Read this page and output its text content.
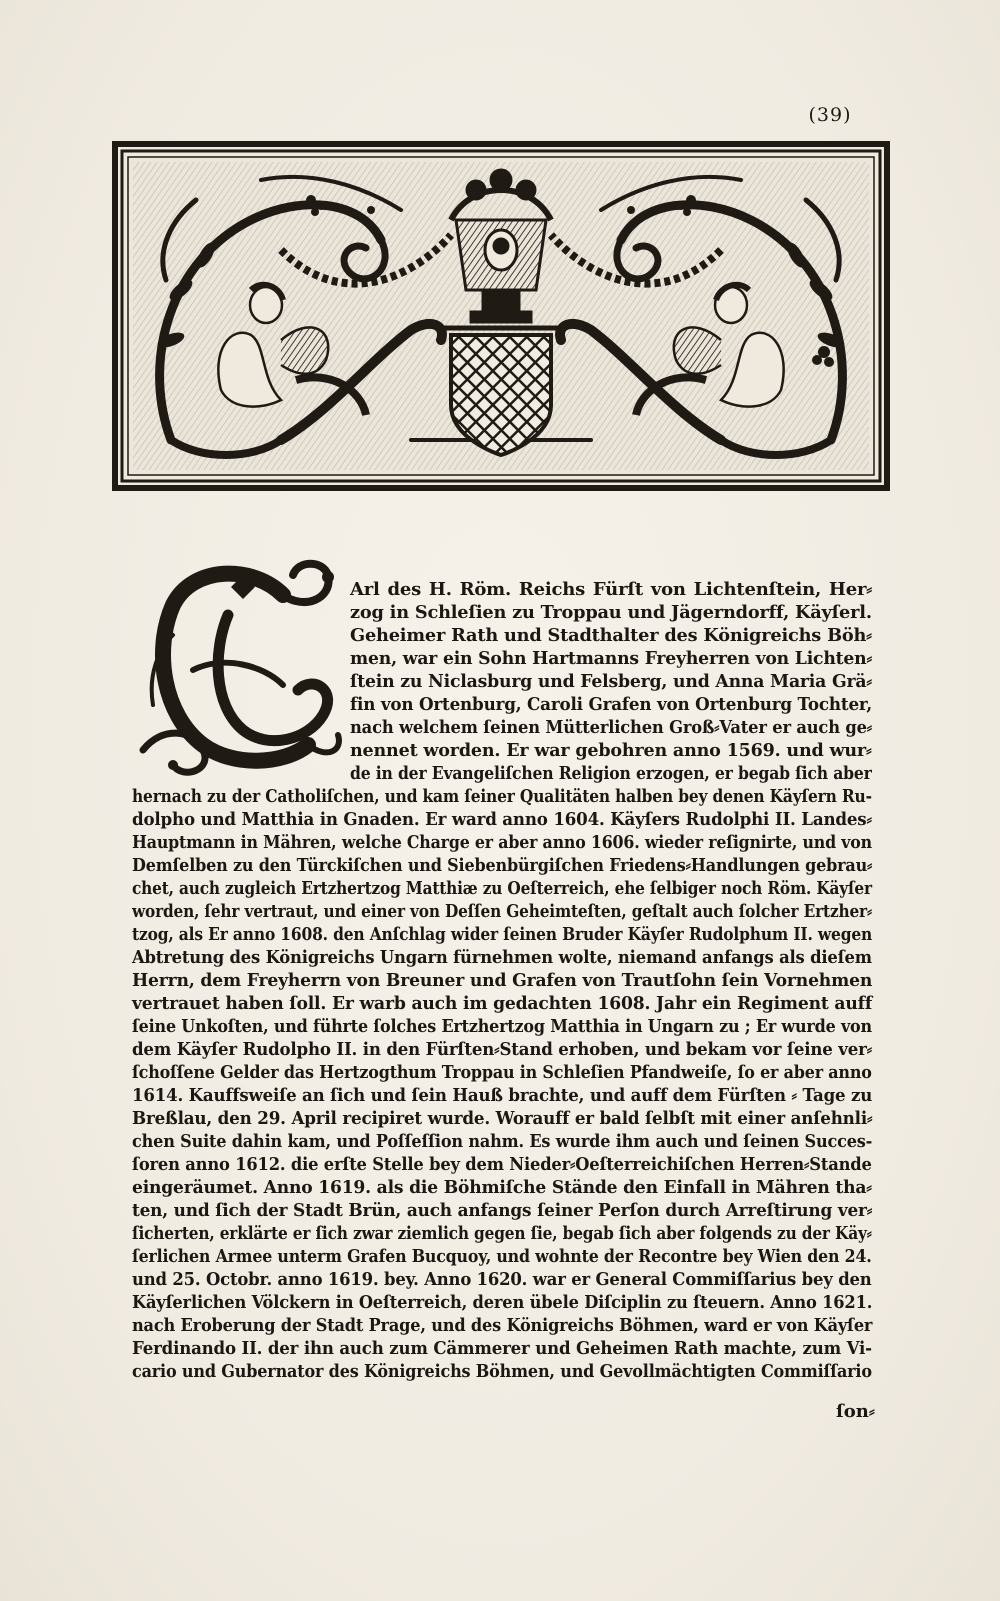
(39)

Arl des H. Röm. Reichs Fürſt von Lichtenſtein, Her⸗
zog in Schleſien zu Troppau und Jägerndorff, Käyſerl.
Geheimer Rath und Stadthalter des Königreichs Böh⸗
men, war ein Sohn Hartmanns Freyherren von Lichten⸗
ſtein zu Niclasburg und Felsberg, und Anna Maria Grä⸗
fin von Ortenburg, Caroli Grafen von Ortenburg Tochter,
nach welchem ſeinen Mütterlichen Groß⸗Vater er auch ge⸗
nennet worden. Er war gebohren anno 1569. und wur⸗
de in der Evangeliſchen Religion erzogen, er begab ſich aber
hernach zu der Catholiſchen, und kam ſeiner Qualitäten halben bey denen Käyſern Ru-
dolpho und Matthia in Gnaden. Er ward anno 1604. Käyſers Rudolphi II. Landes⸗
Hauptmann in Mähren, welche Charge er aber anno 1606. wieder reſignirte, und von
Demſelben zu den Türckiſchen und Siebenbürgiſchen Friedens⸗Handlungen gebrau⸗
chet, auch zugleich Ertzhertzog Matthiæ zu Oeſterreich, ehe ſelbiger noch Röm. Käyſer
worden, ſehr vertraut, und einer von Deſſen Geheimteſten, geſtalt auch ſolcher Ertzher⸗
tzog, als Er anno 1608. den Anſchlag wider ſeinen Bruder Käyſer Rudolphum II. wegen
Abtretung des Königreichs Ungarn fürnehmen wolte, niemand anfangs als dieſem
Herrn, dem Freyherrn von Breuner und Grafen von Trautſohn ſein Vornehmen
vertrauet haben ſoll. Er warb auch im gedachten 1608. Jahr ein Regiment auff
ſeine Unkoſten, und führte ſolches Ertzhertzog Matthia in Ungarn zu ; Er wurde von
dem Käyſer Rudolpho II. in den Fürſten⸗Stand erhoben, und bekam vor ſeine ver⸗
ſchoſſene Gelder das Hertzogthum Troppau in Schleſien Pfandweiſe, ſo er aber anno
1614. Kauffsweiſe an ſich und ſein Hauß brachte, und auff dem Fürſten ⸗ Tage zu
Breßlau, den 29. April recipiret wurde. Worauff er bald ſelbſt mit einer anſehnli⸗
chen Suite dahin kam, und Poſſeſſion nahm. Es wurde ihm auch und ſeinen Succes-
ſoren anno 1612. die erſte Stelle bey dem Nieder⸗Oeſterreichiſchen Herren⸗Stande
eingeräumet. Anno 1619. als die Böhmiſche Stände den Einfall in Mähren tha⸗
ten, und ſich der Stadt Brün, auch anfangs ſeiner Perſon durch Arreſtirung ver⸗
ſicherten, erklärte er ſich zwar ziemlich gegen ſie, begab ſich aber folgends zu der Käy⸗
ſerlichen Armee unterm Grafen Bucquoy, und wohnte der Recontre bey Wien den 24.
und 25. Octobr. anno 1619. bey. Anno 1620. war er General Commiſſarius bey den
Käyſerlichen Völckern in Oeſterreich, deren übele Diſciplin zu ſteuern. Anno 1621.
nach Eroberung der Stadt Prage, und des Königreichs Böhmen, ward er von Käyſer
Ferdinando II. der ihn auch zum Cämmerer und Geheimen Rath machte, zum Vi-
cario und Gubernator des Königreichs Böhmen, und Gevollmächtigten Commiſſario
ſon⸗
